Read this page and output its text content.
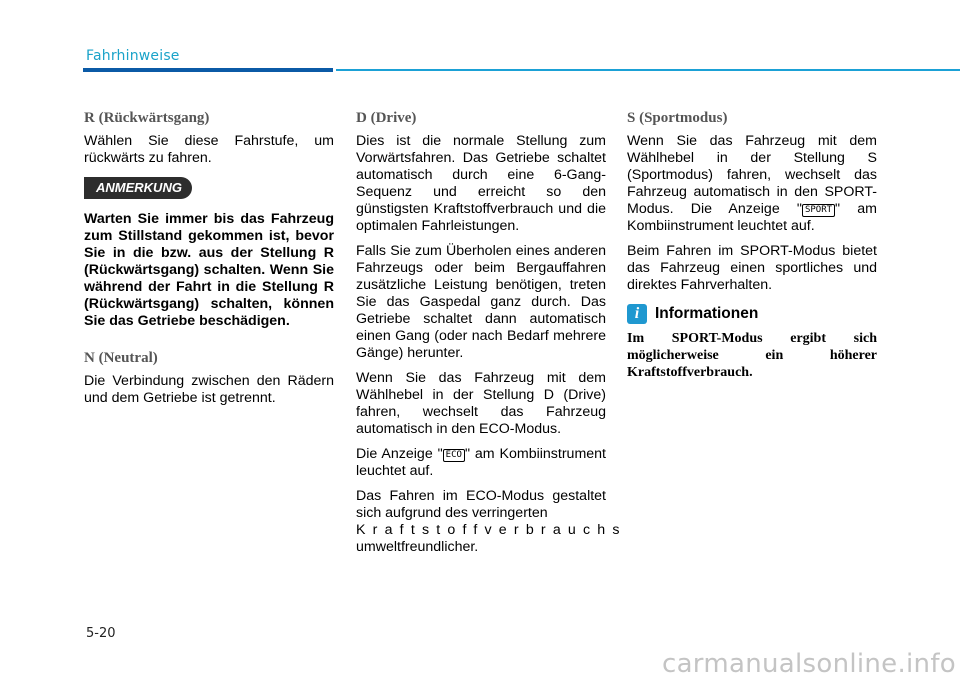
Fahrhinweise
R (Rückwärtsgang)

Wählen Sie diese Fahrstufe, um rückwärts zu fahren.

ANMERKUNG

Warten Sie immer bis das Fahrzeug zum Stillstand gekommen ist, bevor Sie in die bzw. aus der Stellung R (Rückwärtsgang) schalten. Wenn Sie während der Fahrt in die Stellung R (Rückwärtsgang) schalten, können Sie das Getriebe beschädigen.

N (Neutral)

Die Verbindung zwischen den Rädern und dem Getriebe ist getrennt.

D (Drive)

Dies ist die normale Stellung zum Vorwärtsfahren. Das Getriebe schaltet automatisch durch eine 6-Gang-Sequenz und erreicht so den günstigsten Kraftstoffverbrauch und die optimalen Fahrleistungen.

Falls Sie zum Überholen eines anderen Fahrzeugs oder beim Bergauffahren zusätzliche Leistung benötigen, treten Sie das Gaspedal ganz durch. Das Getriebe schaltet dann automatisch einen Gang (oder nach Bedarf mehrere Gänge) herunter.

Wenn Sie das Fahrzeug mit dem Wählhebel in der Stellung D (Drive) fahren, wechselt das Fahrzeug automatisch in den ECO-Modus.

Die Anzeige " ECO " am Kombiinstrument leuchtet auf.

Das Fahren im ECO-Modus gestaltet sich aufgrund des verringerten

Kraftstoffverbrauchs

umweltfreundlicher.

S (Sportmodus)

Wenn Sie das Fahrzeug mit dem Wählhebel in der Stellung S (Sportmodus) fahren, wechselt das Fahrzeug automatisch in den SPORT-Modus. Die Anzeige " SPORT " am Kombiinstrument leuchtet auf.

Beim Fahren im SPORT-Modus bietet das Fahrzeug einen sportliches und direktes Fahrverhalten.

i	Informationen
Im SPORT-Modus ergibt sich möglicherweise ein höherer Kraftstoffverbrauch.
5-20
carmanualsonline.info
